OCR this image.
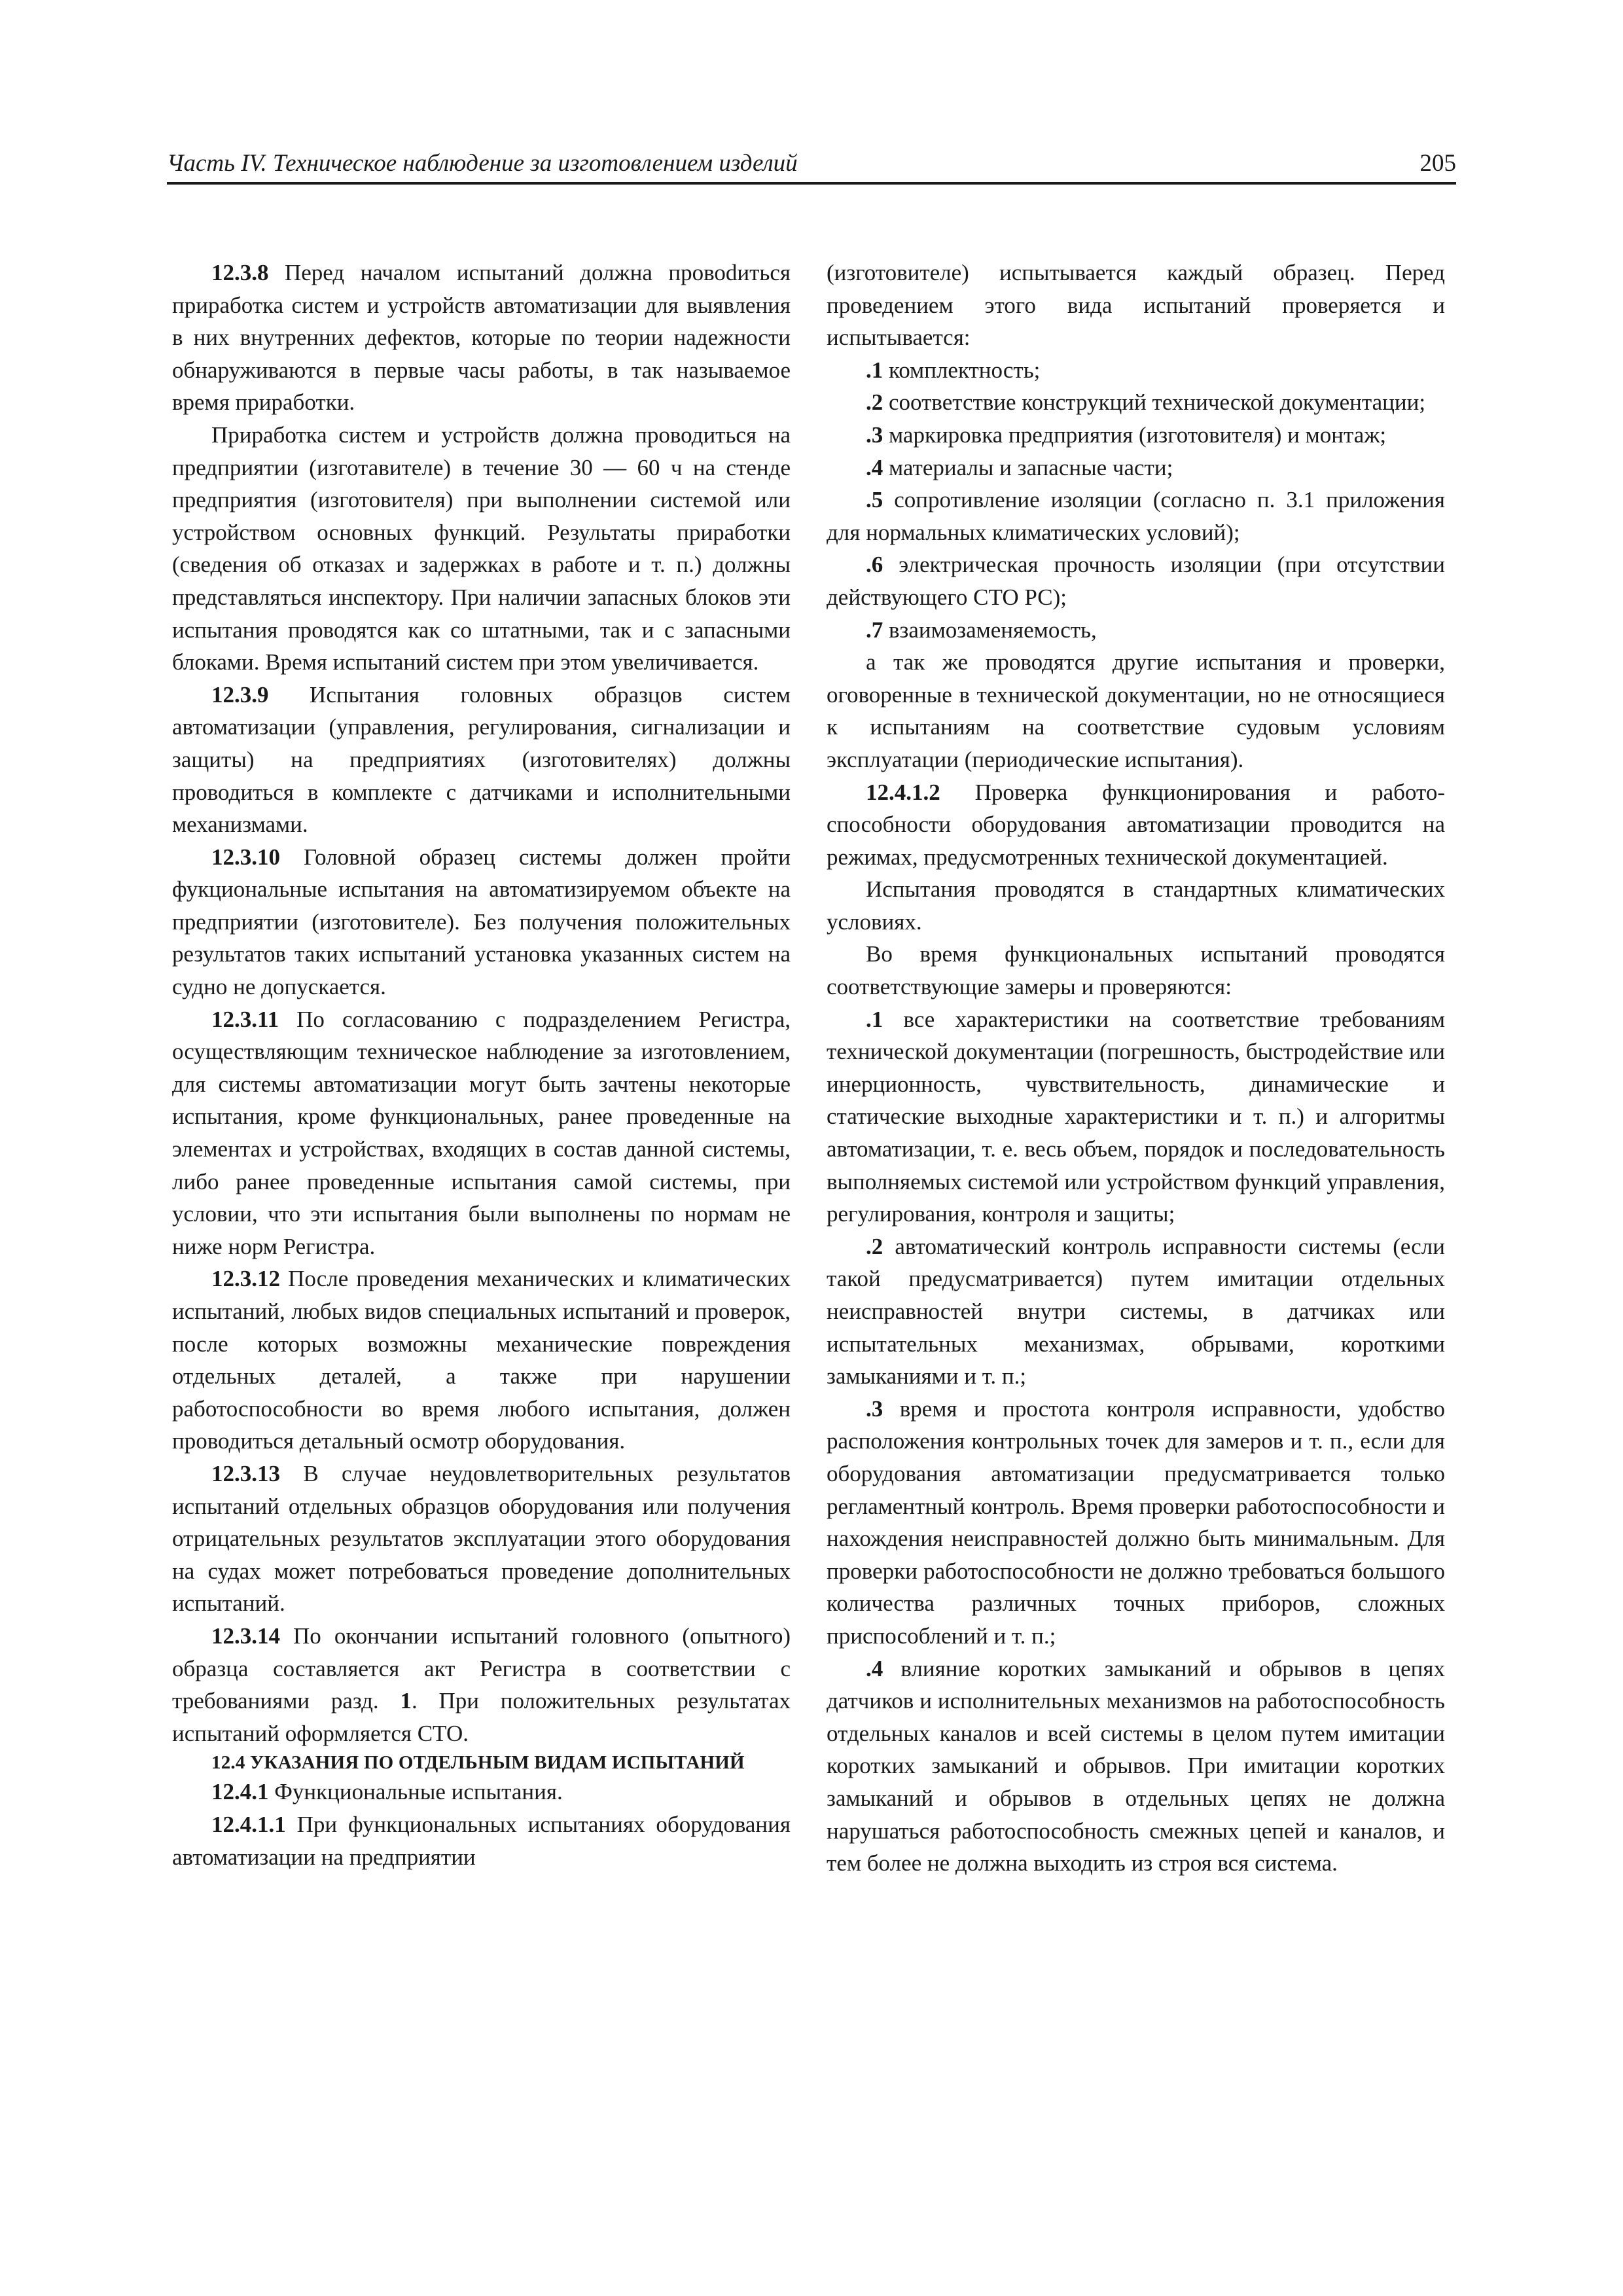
Часть IV. Техническое наблюдение за изготовлением изделий	205

12.3.8 Перед началом испытаний должна провоdиться приработка систем и устройств автоматизации для выявления в них внутренних дефектов, которые по теории надежности обнаруживаются в первые часы работы, в так называемое время приработки.

Приработка систем и устройств должна проводиться на предприятии (изготавителе) в течение 30 — 60 ч на стенде предприятия (изготовителя) при выполнении системой или устройством основных функций. Результаты приработки (сведения об отказах и задержках в работе и т. п.) должны представляться инспектору. При наличии запасных блоков эти испытания проводятся как со штатными, так и с запасными блоками. Время испытаний систем при этом увеличивается.

12.3.9 Испытания головных образцов систем автоматизации (управления, регулирования, сигнализации и защиты) на предприятиях (изготовителях) должны проводиться в комплекте с датчиками и исполнительными механизмами.

12.3.10 Головной образец системы должен пройти фукциональные испытания на автоматизируемом объекте на предприятии (изготовителе). Без получения положительных результатов таких испытаний установка указанных систем на судно не допускается.

12.3.11 По согласованию с подразделением Регистра, осуществляющим техническое наблюдение за изготовлением, для системы автоматизации могут быть зачтены некоторые испытания, кроме функциональных, ранее проведенные на элементах и устройствах, входящих в состав данной системы, либо ранее проведенные испытания самой системы, при условии, что эти испытания были выполнены по нормам не ниже норм Регистра.

12.3.12 После проведения механических и климатических испытаний, любых видов специальных испытаний и проверок, после которых возможны механические повреждения отдельных деталей, а также при нарушении работоспособности во время любого испытания, должен проводиться детальный осмотр оборудования.

12.3.13 В случае неудовлетворительных результатов испытаний отдельных образцов оборудования или получения отрицательных результатов эксплуатации этого оборудования на судах может потребоваться проведение дополнительных испытаний.

12.3.14 По окончании испытаний головного (опытного) образца составляется акт Регистра в соответствии с требованиями разд. 1. При положительных результатах испытаний оформляется СТО.

12.4 УКАЗАНИЯ ПО ОТДЕЛЬНЫМ ВИДАМ ИСПЫТАНИЙ

12.4.1 Функциональные испытания.

12.4.1.1 При функциональных испытаниях оборудования автоматизации на предприятии

(изготовителе) испытывается каждый образец. Перед проведением этого вида испытаний проверяется и испытывается:

.1 комплектность;

.2 соответствие конструкций технической документации;

.3 маркировка предприятия (изготовителя) и монтаж;

.4 материалы и запасные части;

.5 сопротивление изоляции (согласно п. 3.1 приложения для нормальных климатических условий);

.6 электрическая прочность изоляции (при отсутствии действующего СТО РС);

.7 взаимозаменяемость,

а так же проводятся другие испытания и проверки, оговоренные в технической документации, но не относящиеся к испытаниям на соответствие судовым условиям эксплуатации (периодические испытания).

12.4.1.2 Проверка функционирования и работоспособности оборудования автоматизации проводится на режимах, предусмотренных технической документацией.

Испытания проводятся в стандартных климатических условиях.

Во время функциональных испытаний проводятся соответствующие замеры и проверяются:

.1 все характеристики на соответствие требованиям технической документации (погрешность, быстродействие или инерционность, чувствительность, динамические и статические выходные характеристики и т. п.) и алгоритмы автоматизации, т. е. весь объем, порядок и последовательность выполняемых системой или устройством функций управления, регулирования, контроля и защиты;

.2 автоматический контроль исправности системы (если такой предусматривается) путем имитации отдельных неисправностей внутри системы, в датчиках или испытательных механизмах, обрывами, короткими замыканиями и т. п.;

.3 время и простота контроля исправности, удобство расположения контрольных точек для замеров и т. п., если для оборудования автоматизации предусматривается только регламентный контроль. Время проверки работоспособности и нахождения неисправностей должно быть минимальным. Для проверки работоспособности не должно требоваться большого количества различных точных приборов, сложных приспособлений и т. п.;

.4 влияние коротких замыканий и обрывов в цепях датчиков и исполнительных механизмов на работоспособность отдельных каналов и всей системы в целом путем имитации коротких замыканий и обрывов. При имитации коротких замыканий и обрывов в отдельных цепях не должна нарушаться работоспособность смежных цепей и каналов, и тем более не должна выходить из строя вся система.
